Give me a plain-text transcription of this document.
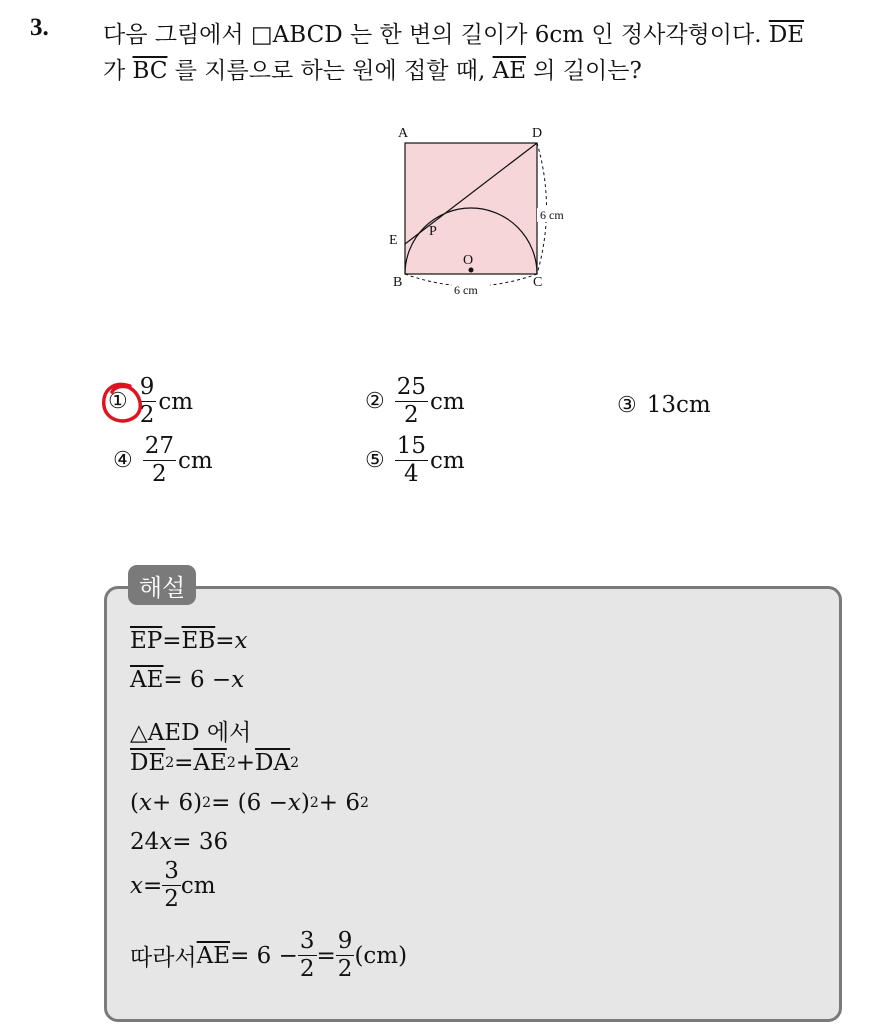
3. 다음 그림에서 □ABCD 는 한 변의 길이가 6cm 인 정사각형이다. $\overline{DE}$
가 $\overline{BC}$ 를 지름으로 하는 원에 접할 때, $\overline{AE}$ 의 길이는?
A	D
E
P
O
B	C
6 cm
6 cm
① $\frac{9}{2}$ cm	② $\frac{25}{2}$ cm	③ 13cm
④ $\frac{27}{2}$ cm	⑤ $\frac{15}{4}$ cm
해설
$\overline{EP} = \overline{EB} = x$
$\overline{AE} = 6 - x$
△AED 에서
$\overline{DE}$ $2 = \overline{AE}$ $2 + \overline{DA}$ 2
( x + 6) 2 = (6 − x ) 2 + 6 2
24 x = 36
$x = \frac{3}{2}$ cm
따라서 $\overline{AE} = 6 - \frac{3}{2} = \frac{9}{2} (cm)$
